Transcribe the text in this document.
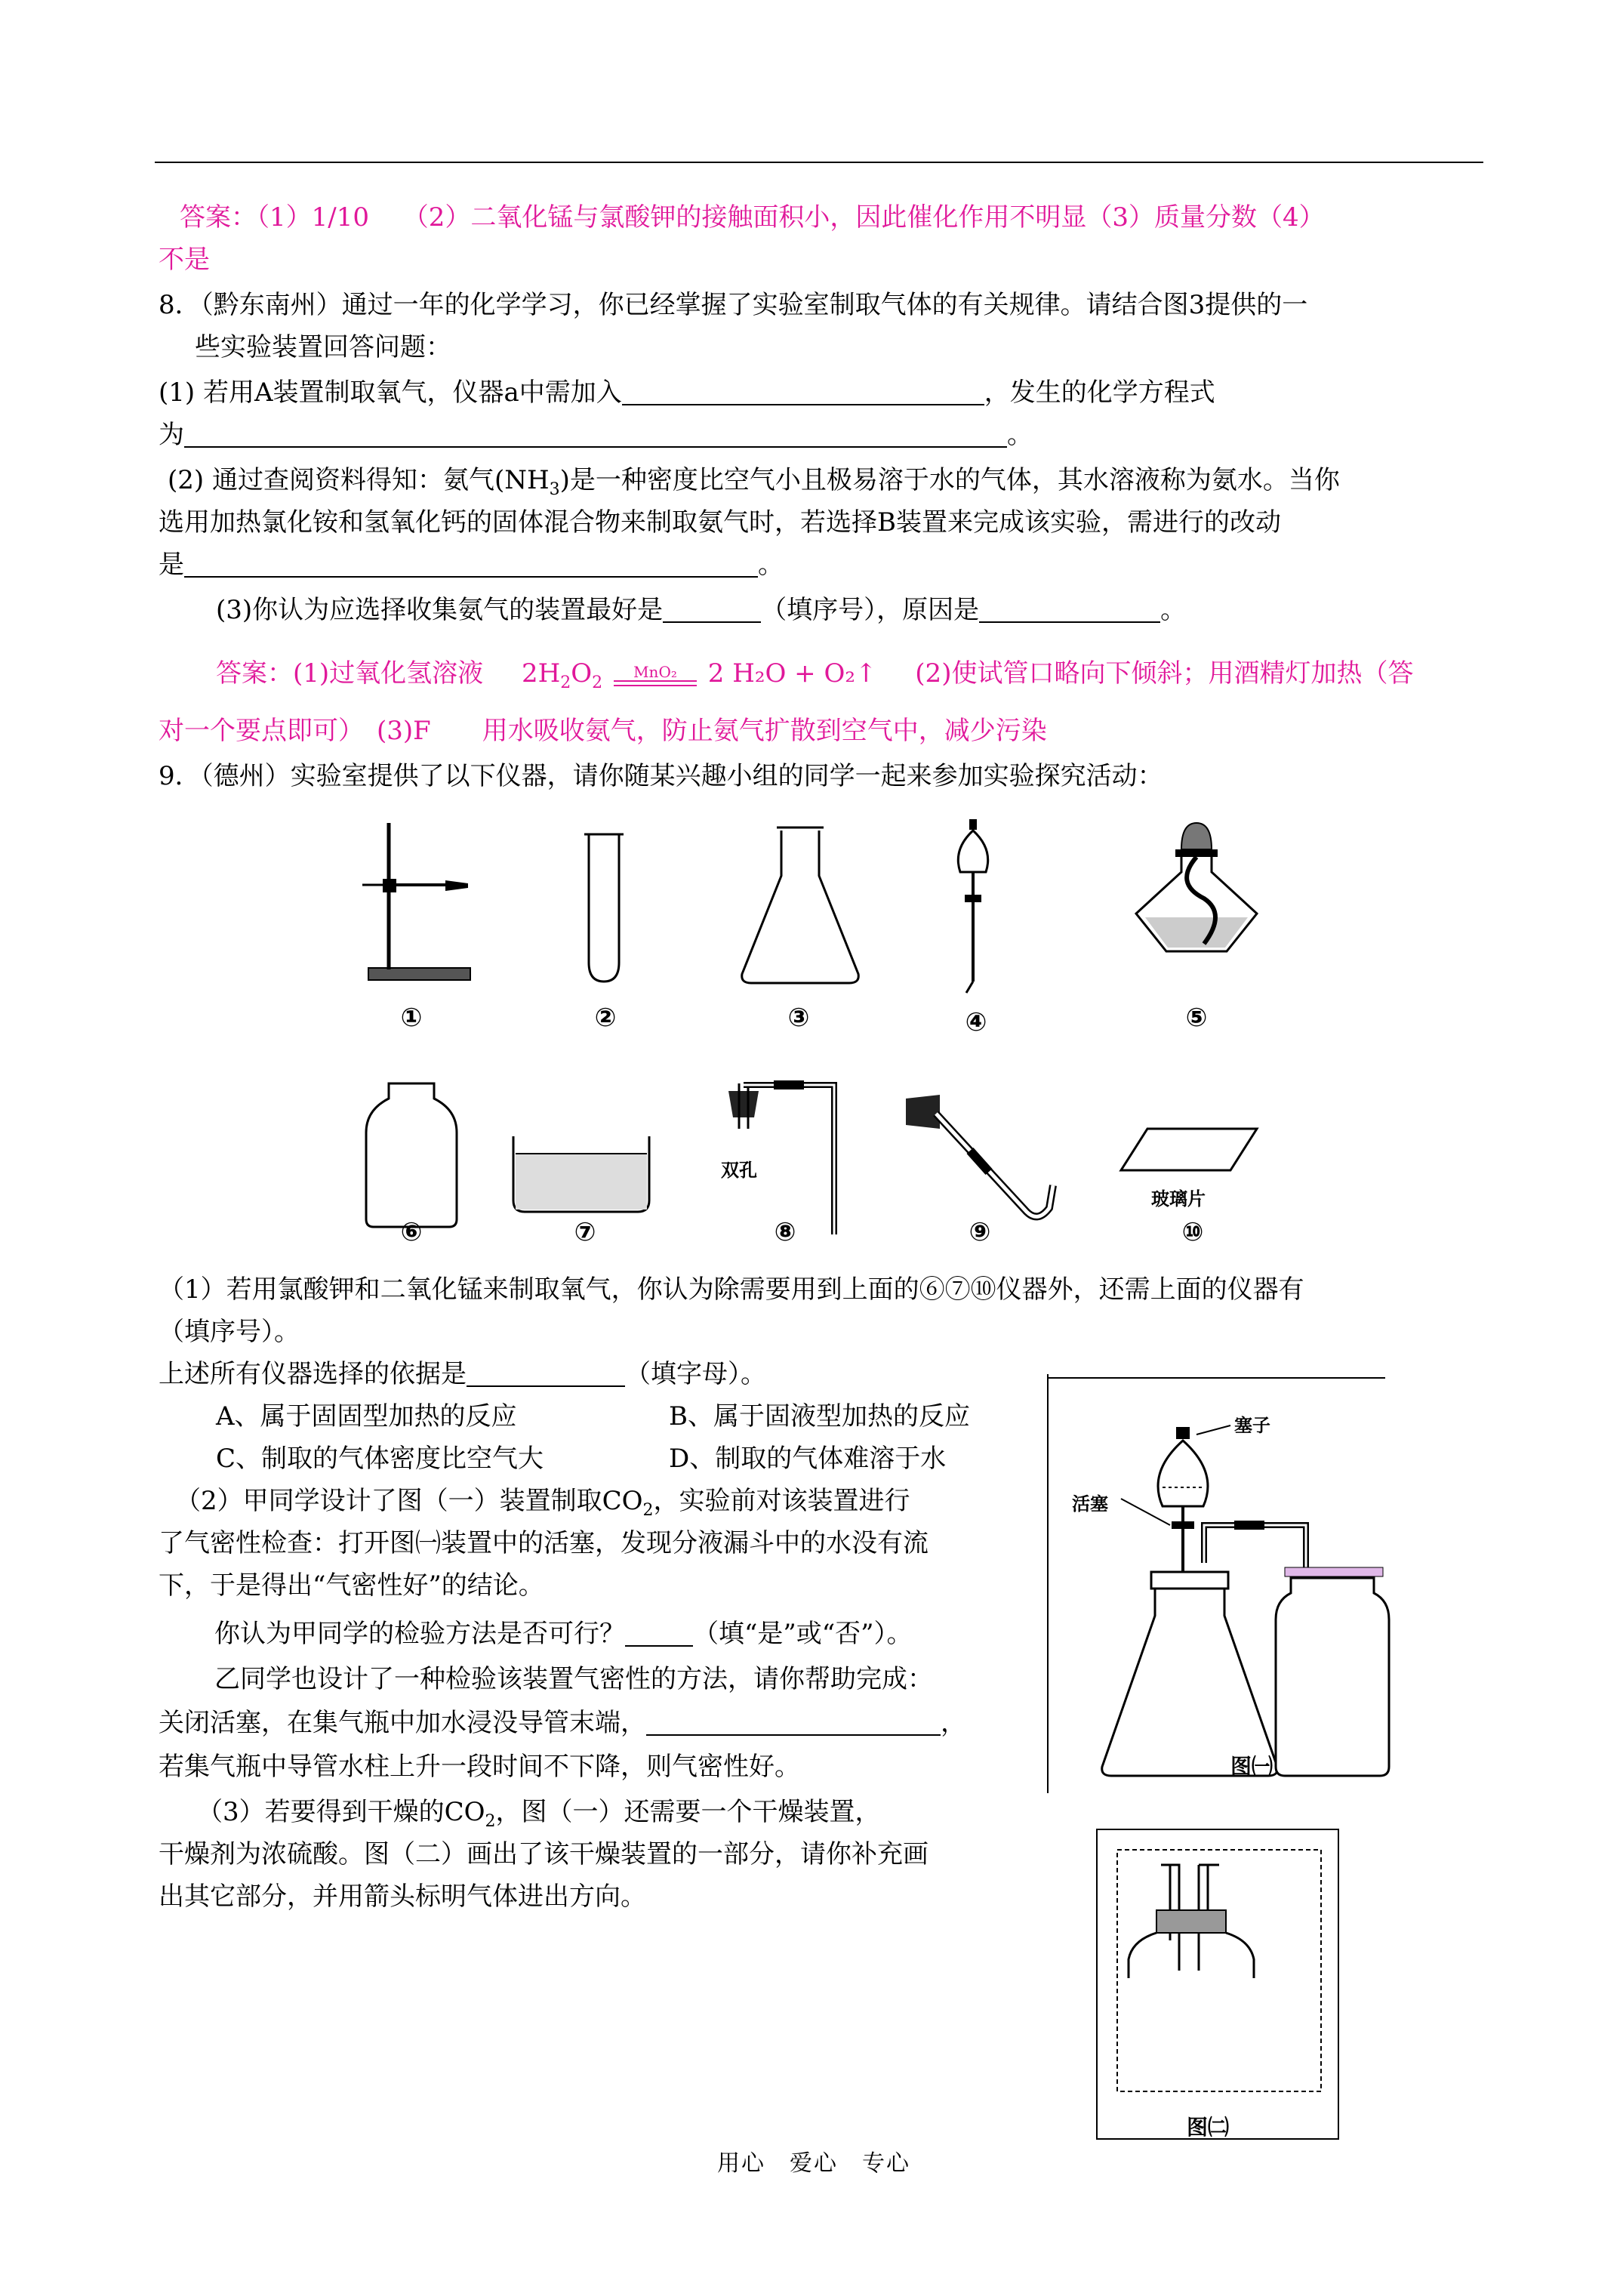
答案：（1）1/10　 （2）二氧化锰与氯酸钾的接触面积小，因此催化作用不明显（3）质量分数（4）
不是
8．（黔东南州）通过一年的化学学习，你已经掌握了实验室制取气体的有关规律。请结合图3提供的一
些实验装置回答问题：
(1) 若用A装置制取氧气，仪器a中需加入	，发生的化学方程式
为	。
(2) 通过查阅资料得知：氨气$(NH_3)$是一种密度比空气小且极易溶于水的气体，其水溶液称为氨水。当你
选用加热氯化铵和氢氧化钙的固体混合物来制取氨气时，若选择B装置来完成该实验，需进行的改动
是	。
(3)你认为应选择收集氨气的装置最好是	（填序号），原因是	。
答案：(1)过氧化氢溶液 $2H_2O_2$
MnO₂ 2 H₂O + O₂↑ (2)使试管口略向下倾斜；用酒精灯加热（答
对一个要点即可）　(3)F　　用水吸收氨气，防止氨气扩散到空气中，减少污染
9．（德州）实验室提供了以下仪器，请你随某兴趣小组的同学一起来参加实验探究活动：
①	②	③	④	⑤
双孔
玻璃片
⑥	⑦	⑧	⑨	⑩
（1）若用氯酸钾和二氧化锰来制取氧气，你认为除需要用到上面的⑥⑦⑩仪器外，还需上面的仪器有
（填序号）。
上述所有仪器选择的依据是	（填字母）。
A、属于固固型加热的反应	B、属于固液型加热的反应
C、制取的气体密度比空气大	D、制取的气体难溶于水
（2）甲同学设计了图（一）装置制取$CO_2$，实验前对该装置进行
了气密性检查：打开图㈠装置中的活塞，发现分液漏斗中的水没有流
下，于是得出“气密性好”的结论。
　你认为甲同学的检验方法是否可行？	（填“是”或“否”）。
　乙同学也设计了一种检验该装置气密性的方法，请你帮助完成：
关闭活塞，在集气瓶中加水浸没导管末端，	，
若集气瓶中导管水柱上升一段时间不下降，则气密性好。
　　（3）若要得到干燥的$CO_2$，图（一）还需要一个干燥装置，
干燥剂为浓硫酸。图（二）画出了该干燥装置的一部分，请你补充画
出其它部分，并用箭头标明气体进出方向。
塞子
活塞
图㈠
图㈡
用心　爱心　专心
